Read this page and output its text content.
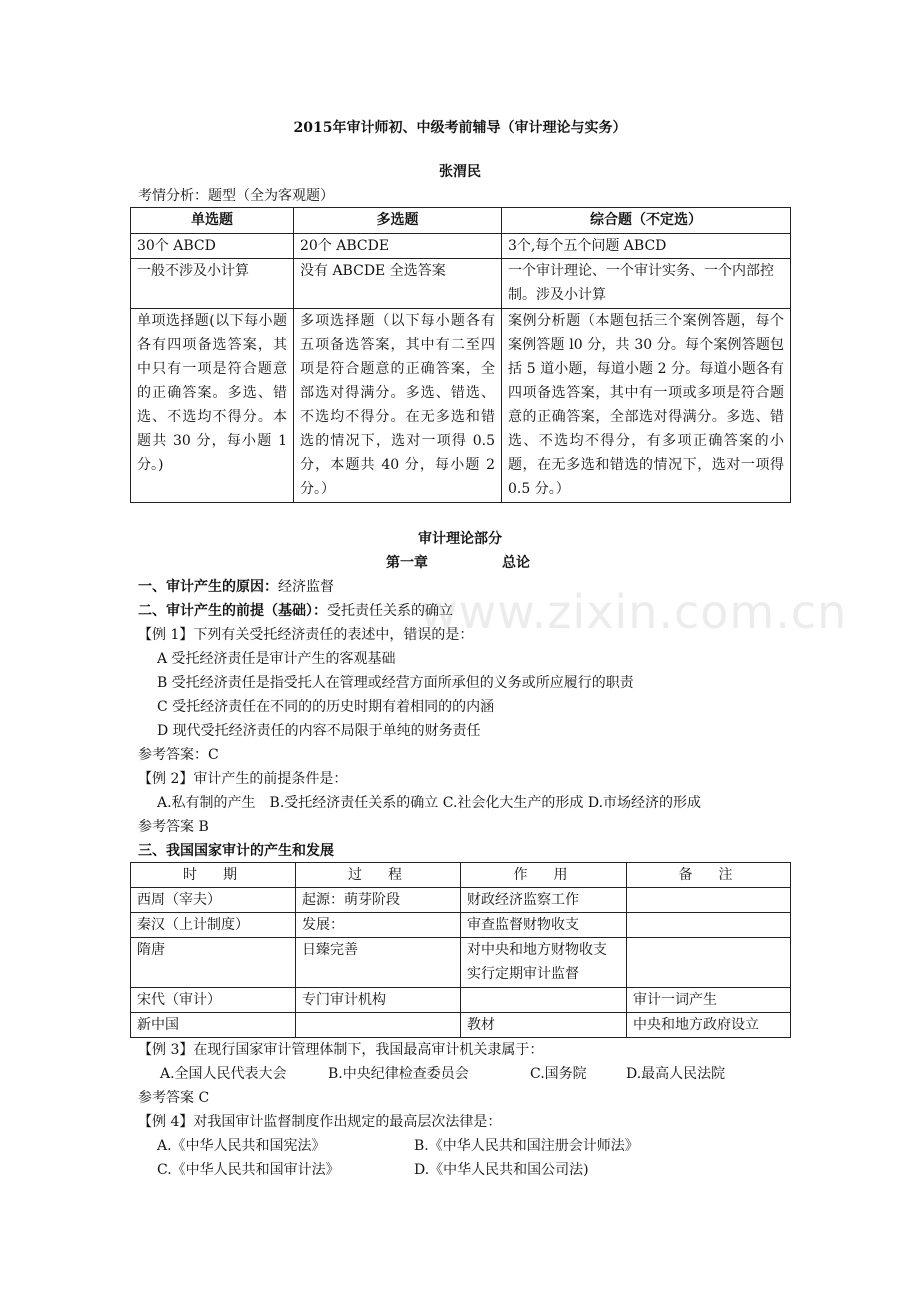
www.zixin.com.cn
2015年审计师初、中级考前辅导（审计理论与实务）
张渭民
考情分析：题型（全为客观题）
单选题	多选题	综合题（不定选）
30个 ABCD	20个 ABCDE	3个,每个五个问题 ABCD
一般不涉及小计算	没有 ABCDE 全选答案	一个审计理论、一个审计实务、一个内部控制。涉及小计算
单项选择题(以下每小题各有四项备选答案，其中只有一项是符合题意的正确答案。多选、错选、不选均不得分。本题共 30 分，每小题 1 分。)	多项选择题（以下每小题各有五项备选答案，其中有二至四项是符合题意的正确答案，全部选对得满分。多选、错选、不选均不得分。在无多选和错选的情况下，选对一项得 0.5 分，本题共 40 分，每小题 2 分。）	案例分析题（本题包括三个案例答题，每个案例答题 l0 分，共 30 分。每个案例答题包括 5 道小题，每道小题 2 分。每道小题各有四项备选答案，其中有一项或多项是符合题意的正确答案，全部选对得满分。多选、错选、不选均不得分，有多项正确答案的小题，在无多选和错选的情况下，选对一项得 0.5 分。）
审计理论部分
第一章	总论
一、审计产生的原因：经济监督
二、审计产生的前提（基础）：受托责任关系的确立
【例 1】下列有关受托经济责任的表述中，错误的是：
A 受托经济责任是审计产生的客观基础
B 受托经济责任是指受托人在管理或经营方面所承但的义务或所应履行的职责
C 受托经济责任在不同的的历史时期有着相同的的内涵
D 现代受托经济责任的内容不局限于单纯的财务责任
参考答案：C
【例 2】审计产生的前提条件是：
A.私有制的产生　B.受托经济责任关系的确立 C.社会化大生产的形成 D.市场经济的形成
参考答案 B
三、我国国家审计的产生和发展
时　期	过　程	作　用	备　注
西周（宰夫）	起源：萌芽阶段	财政经济监察工作	
秦汉（上计制度）	发展：	审查监督财物收支	
隋唐	日臻完善	对中央和地方财物收支实行定期审计监督	
宋代（审计）	专门审计机构		审计一词产生
新中国		教材	中央和地方政府设立
【例 3】在现行国家审计管理体制下，我国最高审计机关隶属于：
A.全国人民代表大会	B.中央纪律检查委员会	C.国务院	D.最高人民法院
参考答案 C
【例 4】对我国审计监督制度作出规定的最高层次法律是：
A.《中华人民共和国宪法》	B.《中华人民共和国注册会计师法》
C.《中华人民共和国审计法》	D.《中华人民共和国公司法)
